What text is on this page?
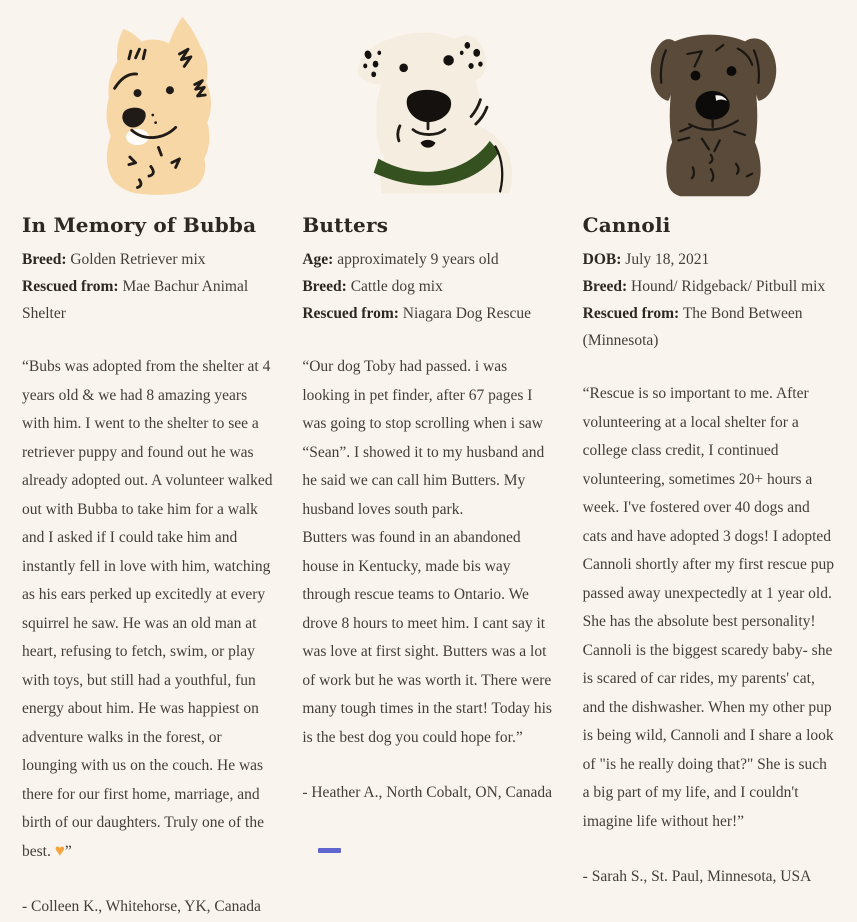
In Memory of Bubba

Breed: Golden Retriever mix

Rescued from: Mae Bachur Animal Shelter

“Bubs was adopted from the shelter at 4 years old & we had 8 amazing years with him. I went to the shelter to see a retriever puppy and found out he was already adopted out. A volunteer walked out with Bubba to take him for a walk and I asked if I could take him and instantly fell in love with him, watching as his ears perked up excitedly at every squirrel he saw. He was an old man at heart, refusing to fetch, swim, or play with toys, but still had a youthful, fun energy about him. He was happiest on adventure walks in the forest, or lounging with us on the couch. He was there for our first home, marriage, and birth of our daughters. Truly one of the best. ♥”

- Colleen K., Whitehorse, YK, Canada

Butters

Age: approximately 9 years old

Breed: Cattle dog mix

Rescued from: Niagara Dog Rescue

“Our dog Toby had passed. i was looking in pet finder, after 67 pages I was going to stop scrolling when i saw “Sean”. I showed it to my husband and he said we can call him Butters. My husband loves south park.
Butters was found in an abandoned house in Kentucky, made bis way through rescue teams to Ontario. We drove 8 hours to meet him. I cant say it was love at first sight. Butters was a lot of work but he was worth it. There were many tough times in the start! Today his is the best dog you could hope for.”

- Heather A., North Cobalt, ON, Canada

Cannoli

DOB: July 18, 2021

Breed: Hound/ Ridgeback/ Pitbull mix

Rescued from: The Bond Between (Minnesota)

“Rescue is so important to me. After volunteering at a local shelter for a college class credit, I continued volunteering, sometimes 20+ hours a week. I've fostered over 40 dogs and cats and have adopted 3 dogs! I adopted Cannoli shortly after my first rescue pup passed away unexpectedly at 1 year old. She has the absolute best personality! Cannoli is the biggest scaredy baby- she is scared of car rides, my parents' cat, and the dishwasher. When my other pup is being wild, Cannoli and I share a look of "is he really doing that?" She is such a big part of my life, and I couldn't imagine life without her!”

- Sarah S., St. Paul, Minnesota, USA
